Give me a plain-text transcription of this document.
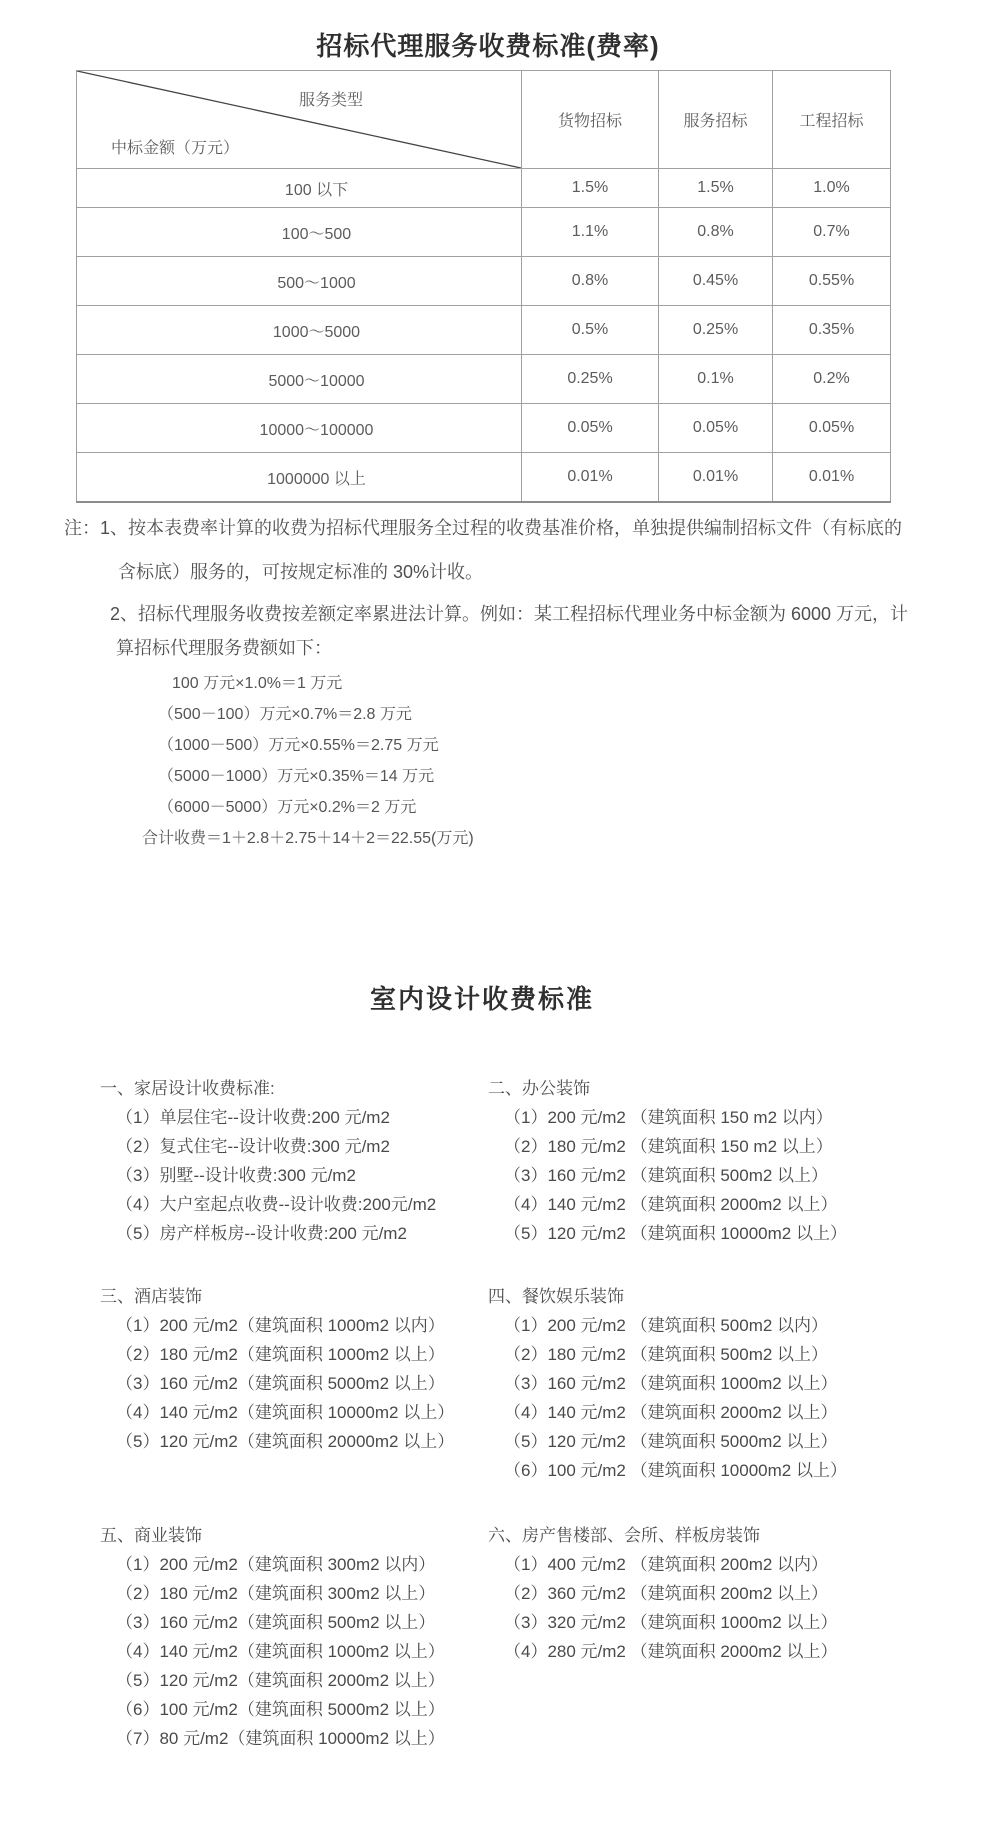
招标代理服务收费标准(费率)
服务类型
中标金额（万元）	货物招标	服务招标	工程招标
100 以下	1.5%	1.5%	1.0%
100～500	1.1%	0.8%	0.7%
500～1000	0.8%	0.45%	0.55%
1000～5000	0.5%	0.25%	0.35%
5000～10000	0.25%	0.1%	0.2%
10000～100000	0.05%	0.05%	0.05%
1000000 以上	0.01%	0.01%	0.01%
注：1、按本表费率计算的收费为招标代理服务全过程的收费基准价格，单独提供编制招标文件（有标底的
含标底）服务的，可按规定标准的 30%计收。
2、招标代理服务收费按差额定率累进法计算。例如：某工程招标代理业务中标金额为 6000 万元，计
算招标代理服务费额如下：
100 万元×1.0%＝1 万元
（500－100）万元×0.7%＝2.8 万元
（1000－500）万元×0.55%＝2.75 万元
（5000－1000）万元×0.35%＝14 万元
（6000－5000）万元×0.2%＝2 万元
合计收费＝1＋2.8＋2.75＋14＋2＝22.55(万元)
室内设计收费标准
一、家居设计收费标准:
（1）单层住宅--设计收费:200 元/m2
（2）复式住宅--设计收费:300 元/m2
（3）别墅--设计收费:300 元/m2
（4）大户室起点收费--设计收费:200元/m2
（5）房产样板房--设计收费:200 元/m2
三、酒店装饰
（1）200 元/m2（建筑面积 1000m2 以内）
（2）180 元/m2（建筑面积 1000m2 以上）
（3）160 元/m2（建筑面积 5000m2 以上）
（4）140 元/m2（建筑面积 10000m2 以上）
（5）120 元/m2（建筑面积 20000m2 以上）
五、商业装饰
（1）200 元/m2（建筑面积 300m2 以内）
（2）180 元/m2（建筑面积 300m2 以上）
（3）160 元/m2（建筑面积 500m2 以上）
（4）140 元/m2（建筑面积 1000m2 以上）
（5）120 元/m2（建筑面积 2000m2 以上）
（6）100 元/m2（建筑面积 5000m2 以上）
（7）80 元/m2（建筑面积 10000m2 以上）
二、办公装饰
（1）200 元/m2 （建筑面积 150 m2 以内）
（2）180 元/m2 （建筑面积 150 m2 以上）
（3）160 元/m2 （建筑面积 500m2 以上）
（4）140 元/m2 （建筑面积 2000m2 以上）
（5）120 元/m2 （建筑面积 10000m2 以上）
四、餐饮娱乐装饰
（1）200 元/m2 （建筑面积 500m2 以内）
（2）180 元/m2 （建筑面积 500m2 以上）
（3）160 元/m2 （建筑面积 1000m2 以上）
（4）140 元/m2 （建筑面积 2000m2 以上）
（5）120 元/m2 （建筑面积 5000m2 以上）
（6）100 元/m2 （建筑面积 10000m2 以上）
六、房产售楼部、会所、样板房装饰
（1）400 元/m2 （建筑面积 200m2 以内）
（2）360 元/m2 （建筑面积 200m2 以上）
（3）320 元/m2 （建筑面积 1000m2 以上）
（4）280 元/m2 （建筑面积 2000m2 以上）
